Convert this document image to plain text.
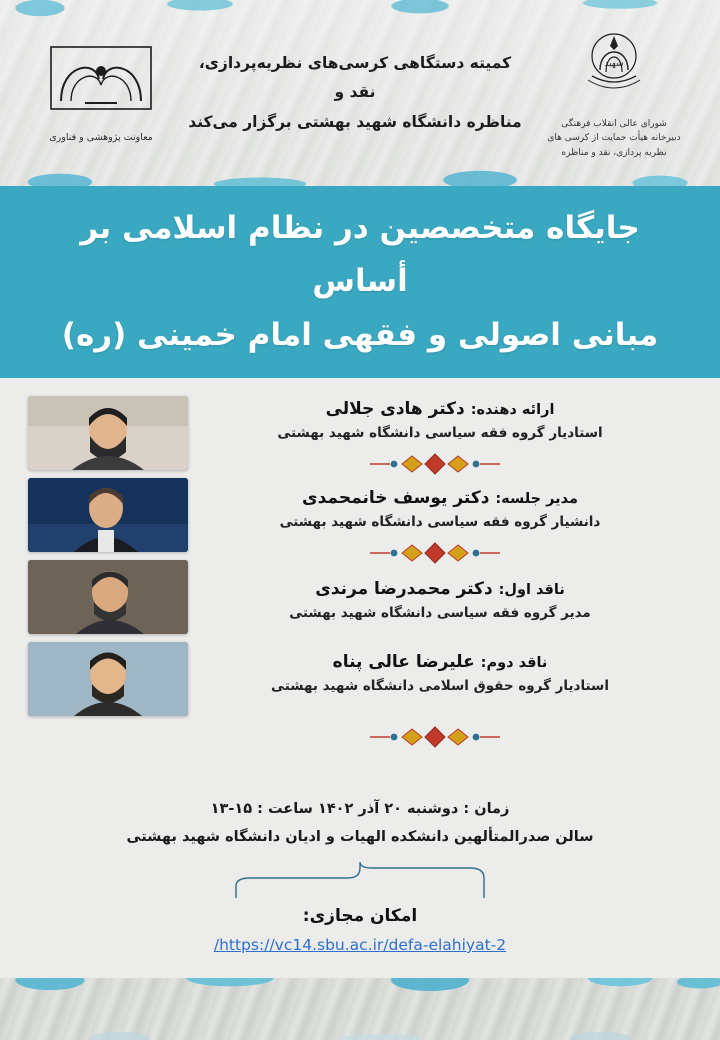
شهید
شورای عالی انقلاب فرهنگی
دبیرخانه هیأت حمایت از کرسی های
نظریه پردازی، نقد و مناظره
کمیته دستگاهی کرسی‌های نظریه‌پردازی، نقد و
مناظره دانشگاه شهید بهشتی برگزار می‌کند
معاونت پژوهشی و فناوری
جایگاه متخصصین در نظام اسلامی بر أساس
مبانی اصولی و فقهی امام خمینی (ره)
ارائه دهنده: دکتر هادی جلالی
استادیار گروه فقه سیاسی دانشگاه شهید بهشتی
مدیر جلسه: دکتر یوسف خانمحمدی
دانشیار گروه فقه سیاسی دانشگاه شهید بهشتی
ناقد اول: دکتر محمدرضا مرندی
مدیر گروه فقه سیاسی دانشگاه شهید بهشتی
ناقد دوم: علیرضا عالی پناه
استادیار گروه حقوق اسلامی دانشگاه شهید بهشتی
زمان : دوشنبه ۲۰ آذر ۱۴۰۲ ساعت : ۱۵-۱۳
سالن صدرالمتألهین دانشکده الهیات و ادیان دانشگاه شهید بهشتی
امکان مجازی:
https://vc14.sbu.ac.ir/defa-elahiyat-2/
